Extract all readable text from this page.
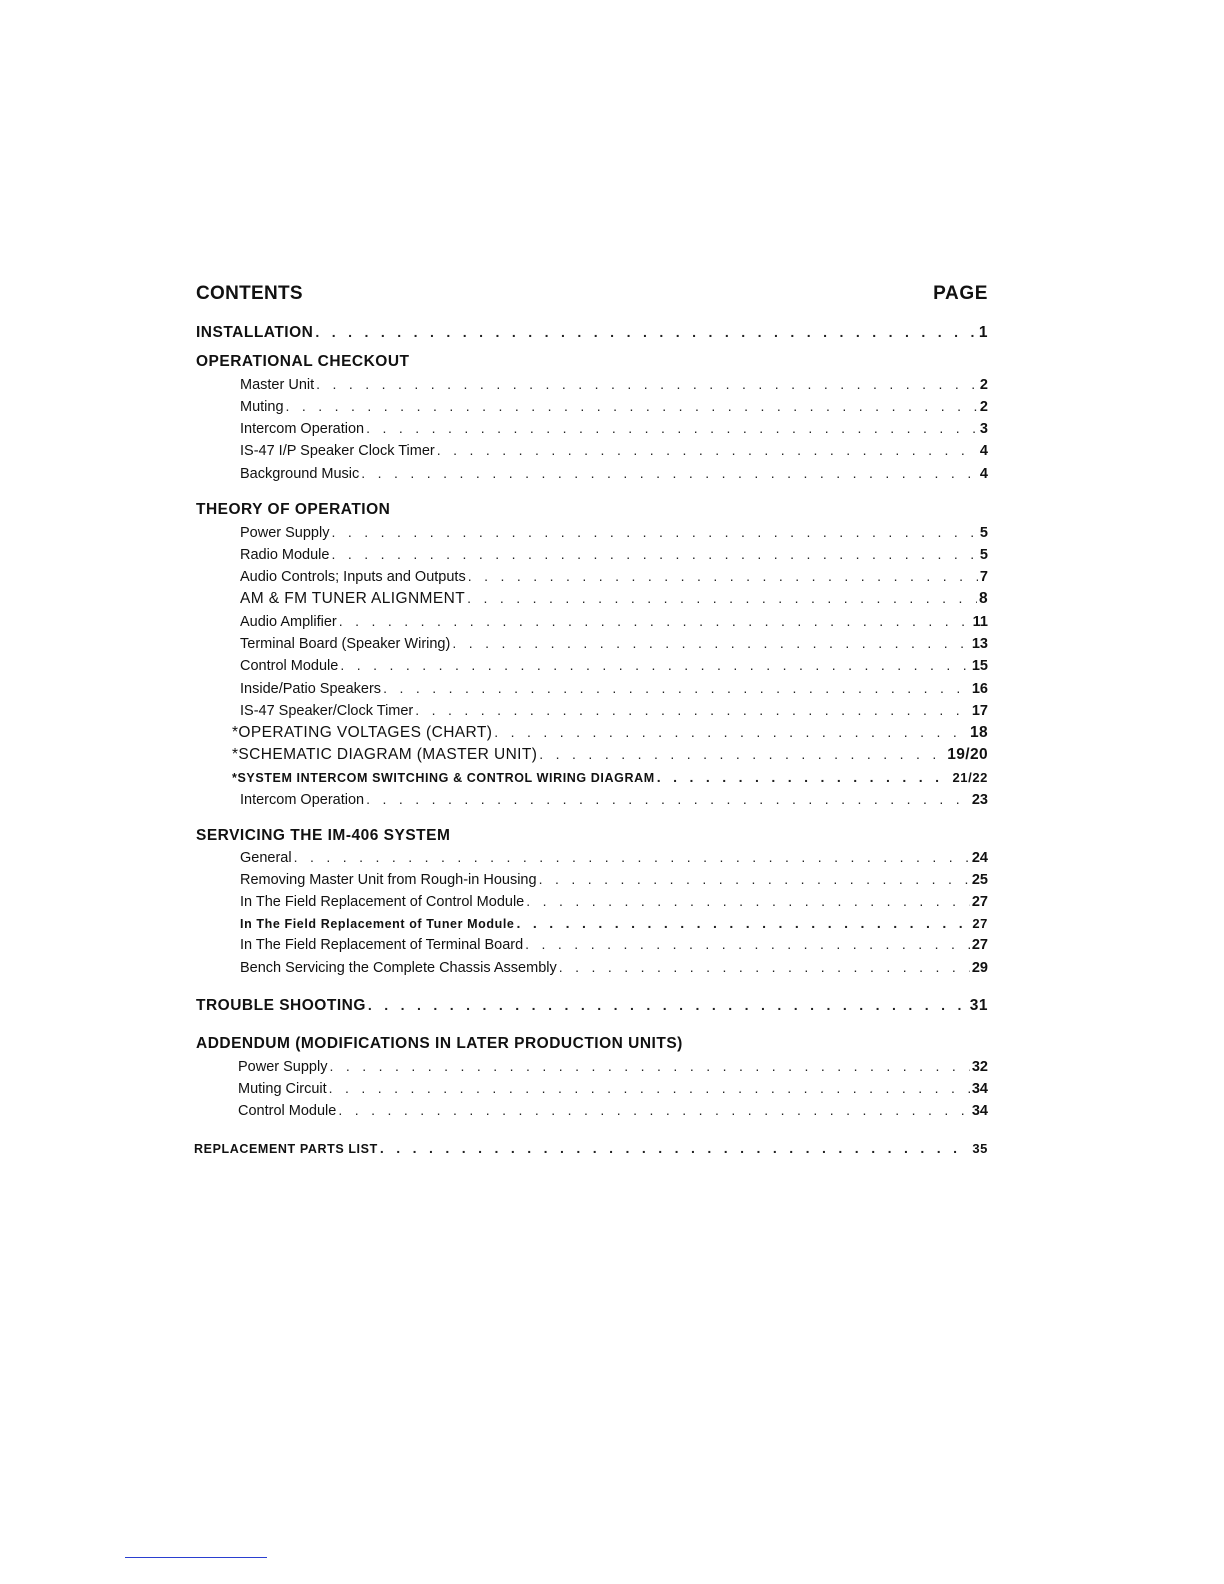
CONTENTS	PAGE
INSTALLATION . . .	1
OPERATIONAL CHECKOUT
Master Unit . . .	2
Muting . . .	2
Intercom Operation . . .	3
IS-47 I/P Speaker Clock Timer . . .	4
Background Music . . .	4
THEORY OF OPERATION
Power Supply . . .	5
Radio Module . . .	5
Audio Controls; Inputs and Outputs . . .	7
AM & FM TUNER ALIGNMENT . . .	8
Audio Amplifier . . .	11
Terminal Board (Speaker Wiring) . . .	13
Control Module . . .	15
Inside/Patio Speakers . . .	16
IS-47 Speaker/Clock Timer . . .	17
*OPERATING VOLTAGES (CHART) . . .	18
*SCHEMATIC DIAGRAM (MASTER UNIT) . . .	19/20
*SYSTEM INTERCOM SWITCHING & CONTROL WIRING DIAGRAM . . .	21/22
Intercom Operation . . .	23
SERVICING THE IM-406 SYSTEM
General . . .	24
Removing Master Unit from Rough-in Housing . . .	25
In The Field Replacement of Control Module . . .	27
In The Field Replacement of Tuner Module . . .	27
In The Field Replacement of Terminal Board . . .	27
Bench Servicing the Complete Chassis Assembly . . .	29
TROUBLE SHOOTING . . .	31
ADDENDUM (MODIFICATIONS IN LATER PRODUCTION UNITS)
Power Supply . . .	32
Muting Circuit . . .	34
Control Module . . .	34
REPLACEMENT PARTS LIST . . .	35
